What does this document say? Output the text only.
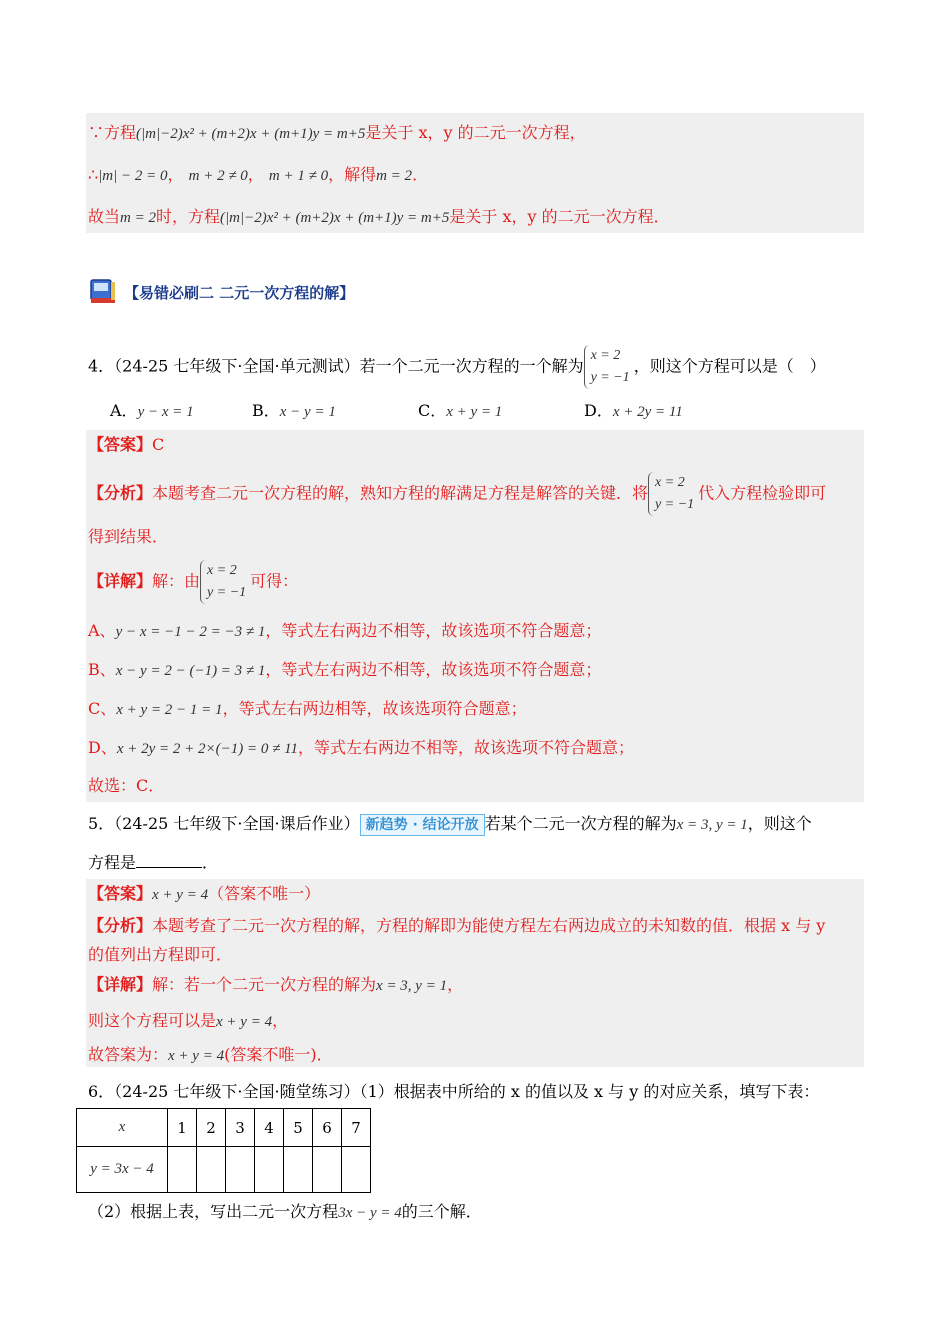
∵方程(|m|−2)x² + (m+2)x + (m+1)y = m+5是关于 x，y 的二元一次方程，
∴|m| − 2 = 0， m + 2 ≠ 0， m + 1 ≠ 0，解得m = 2．
故当m = 2时，方程(|m|−2)x² + (m+2)x + (m+1)y = m+5是关于 x，y 的二元一次方程．
【易错必刷二 二元一次方程的解】
4．（24-25 七年级下·全国·单元测试）若一个二元一次方程的一个解为
x = 2
y = −1
，则这个方程可以是（　）
A．y − x = 1	B．x − y = 1	C．x + y = 1	D．x + 2y = 11
【答案】C
【分析】本题考查二元一次方程的解，熟知方程的解满足方程是解答的关键．将
x = 2
y = −1
代入方程检验即可
得到结果．
【详解】解：由
x = 2
y = −1
可得：
A、y − x = −1 − 2 = −3 ≠ 1，等式左右两边不相等，故该选项不符合题意；
B、x − y = 2 − (−1) = 3 ≠ 1，等式左右两边不相等，故该选项不符合题意；
C、x + y = 2 − 1 = 1，等式左右两边相等，故该选项符合题意；
D、x + 2y = 2 + 2×(−1) = 0 ≠ 11，等式左右两边不相等，故该选项不符合题意；
故选：C．
5．（24-25 七年级下·全国·课后作业） 新趋势 · 结论开放 若某个二元一次方程的解为x = 3, y = 1，则这个
方程是	．
【答案】x + y = 4（答案不唯一）
【分析】本题考查了二元一次方程的解，方程的解即为能使方程左右两边成立的未知数的值．根据 x 与 y
的值列出方程即可．
【详解】解：若一个二元一次方程的解为x = 3, y = 1，
则这个方程可以是x + y = 4，
故答案为：x + y = 4(答案不唯一)．
6．（24-25 七年级下·全国·随堂练习）（1）根据表中所给的 x 的值以及 x 与 y 的对应关系，填写下表：
x	1	2	3	4	5	6	7
y = 3x − 4							
（2）根据上表，写出二元一次方程3x − y = 4的三个解．
